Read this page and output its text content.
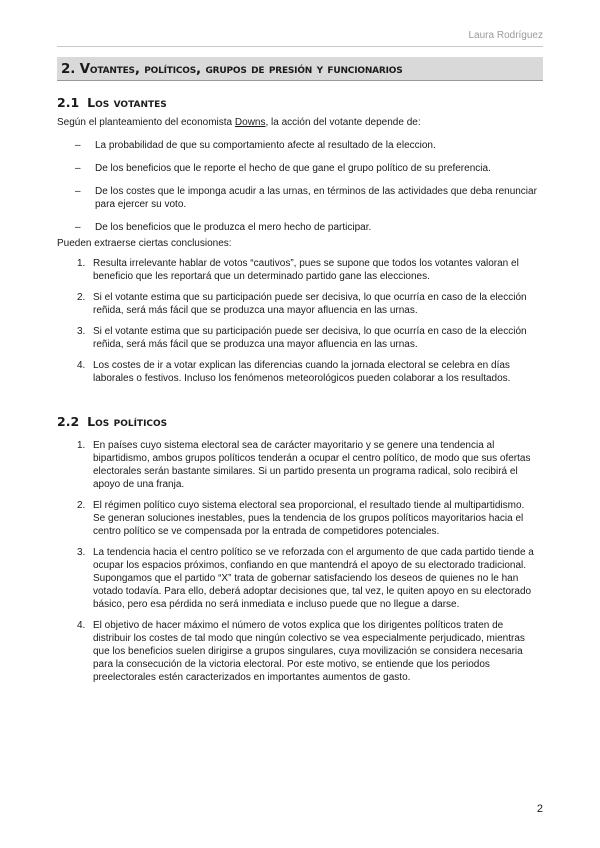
Laura Rodríguez
2. Votantes, políticos, grupos de presión y funcionarios
2.1 Los votantes
Según el planteamiento del economista Downs, la acción del votante depende de:
– La probabilidad de que su comportamiento afecte al resultado de la eleccion.
– De los beneficios que le reporte el hecho de que gane el grupo político de su preferencia.
– De los costes que le imponga acudir a las urnas, en términos de las actividades que deba renunciar para ejercer su voto.
– De los beneficios que le produzca el mero hecho de participar.
Pueden extraerse ciertas conclusiones:
1. Resulta irrelevante hablar de votos “cautivos”, pues se supone que todos los votantes valoran el beneficio que les reportará que un determinado partido gane las elecciones.
2. Si el votante estima que su participación puede ser decisiva, lo que ocurría en caso de la elección reñida, será más fácil que se produzca una mayor afluencia en las urnas.
3. Si el votante estima que su participación puede ser decisiva, lo que ocurría en caso de la elección reñida, será más fácil que se produzca una mayor afluencia en las urnas.
4. Los costes de ir a votar explican las diferencias cuando la jornada electoral se celebra en días laborales o festivos. Incluso los fenómenos meteorológicos pueden colaborar a los resultados.
2.2 Los políticos
1. En países cuyo sistema electoral sea de carácter mayoritario y se genere una tendencia al bipartidismo, ambos grupos políticos tenderán a ocupar el centro político, de modo que sus ofertas electorales serán bastante similares. Si un partido presenta un programa radical, solo recibirá el apoyo de una franja.
2. El régimen político cuyo sistema electoral sea proporcional, el resultado tiende al multipartidismo. Se generan soluciones inestables, pues la tendencia de los grupos políticos mayoritarios hacia el centro político se ve compensada por la entrada de competidores potenciales.
3. La tendencia hacia el centro político se ve reforzada con el argumento de que cada partido tiende a ocupar los espacios próximos, confiando en que mantendrá el apoyo de su electorado tradicional. Supongamos que el partido “X” trata de gobernar satisfaciendo los deseos de quienes no le han votado todavía. Para ello, deberá adoptar decisiones que, tal vez, le quiten apoyo en su electorado básico, pero esa pérdida no será inmediata e incluso puede que no llegue a darse.
4. El objetivo de hacer máximo el número de votos explica que los dirigentes políticos traten de distribuir los costes de tal modo que ningún colectivo se vea especialmente perjudicado, mientras que los beneficios suelen dirigirse a grupos singulares, cuya movilización se considera necesaria para la consecución de la victoria electoral. Por este motivo, se entiende que los periodos preelectorales estén caracterizados en importantes aumentos de gasto.
2
